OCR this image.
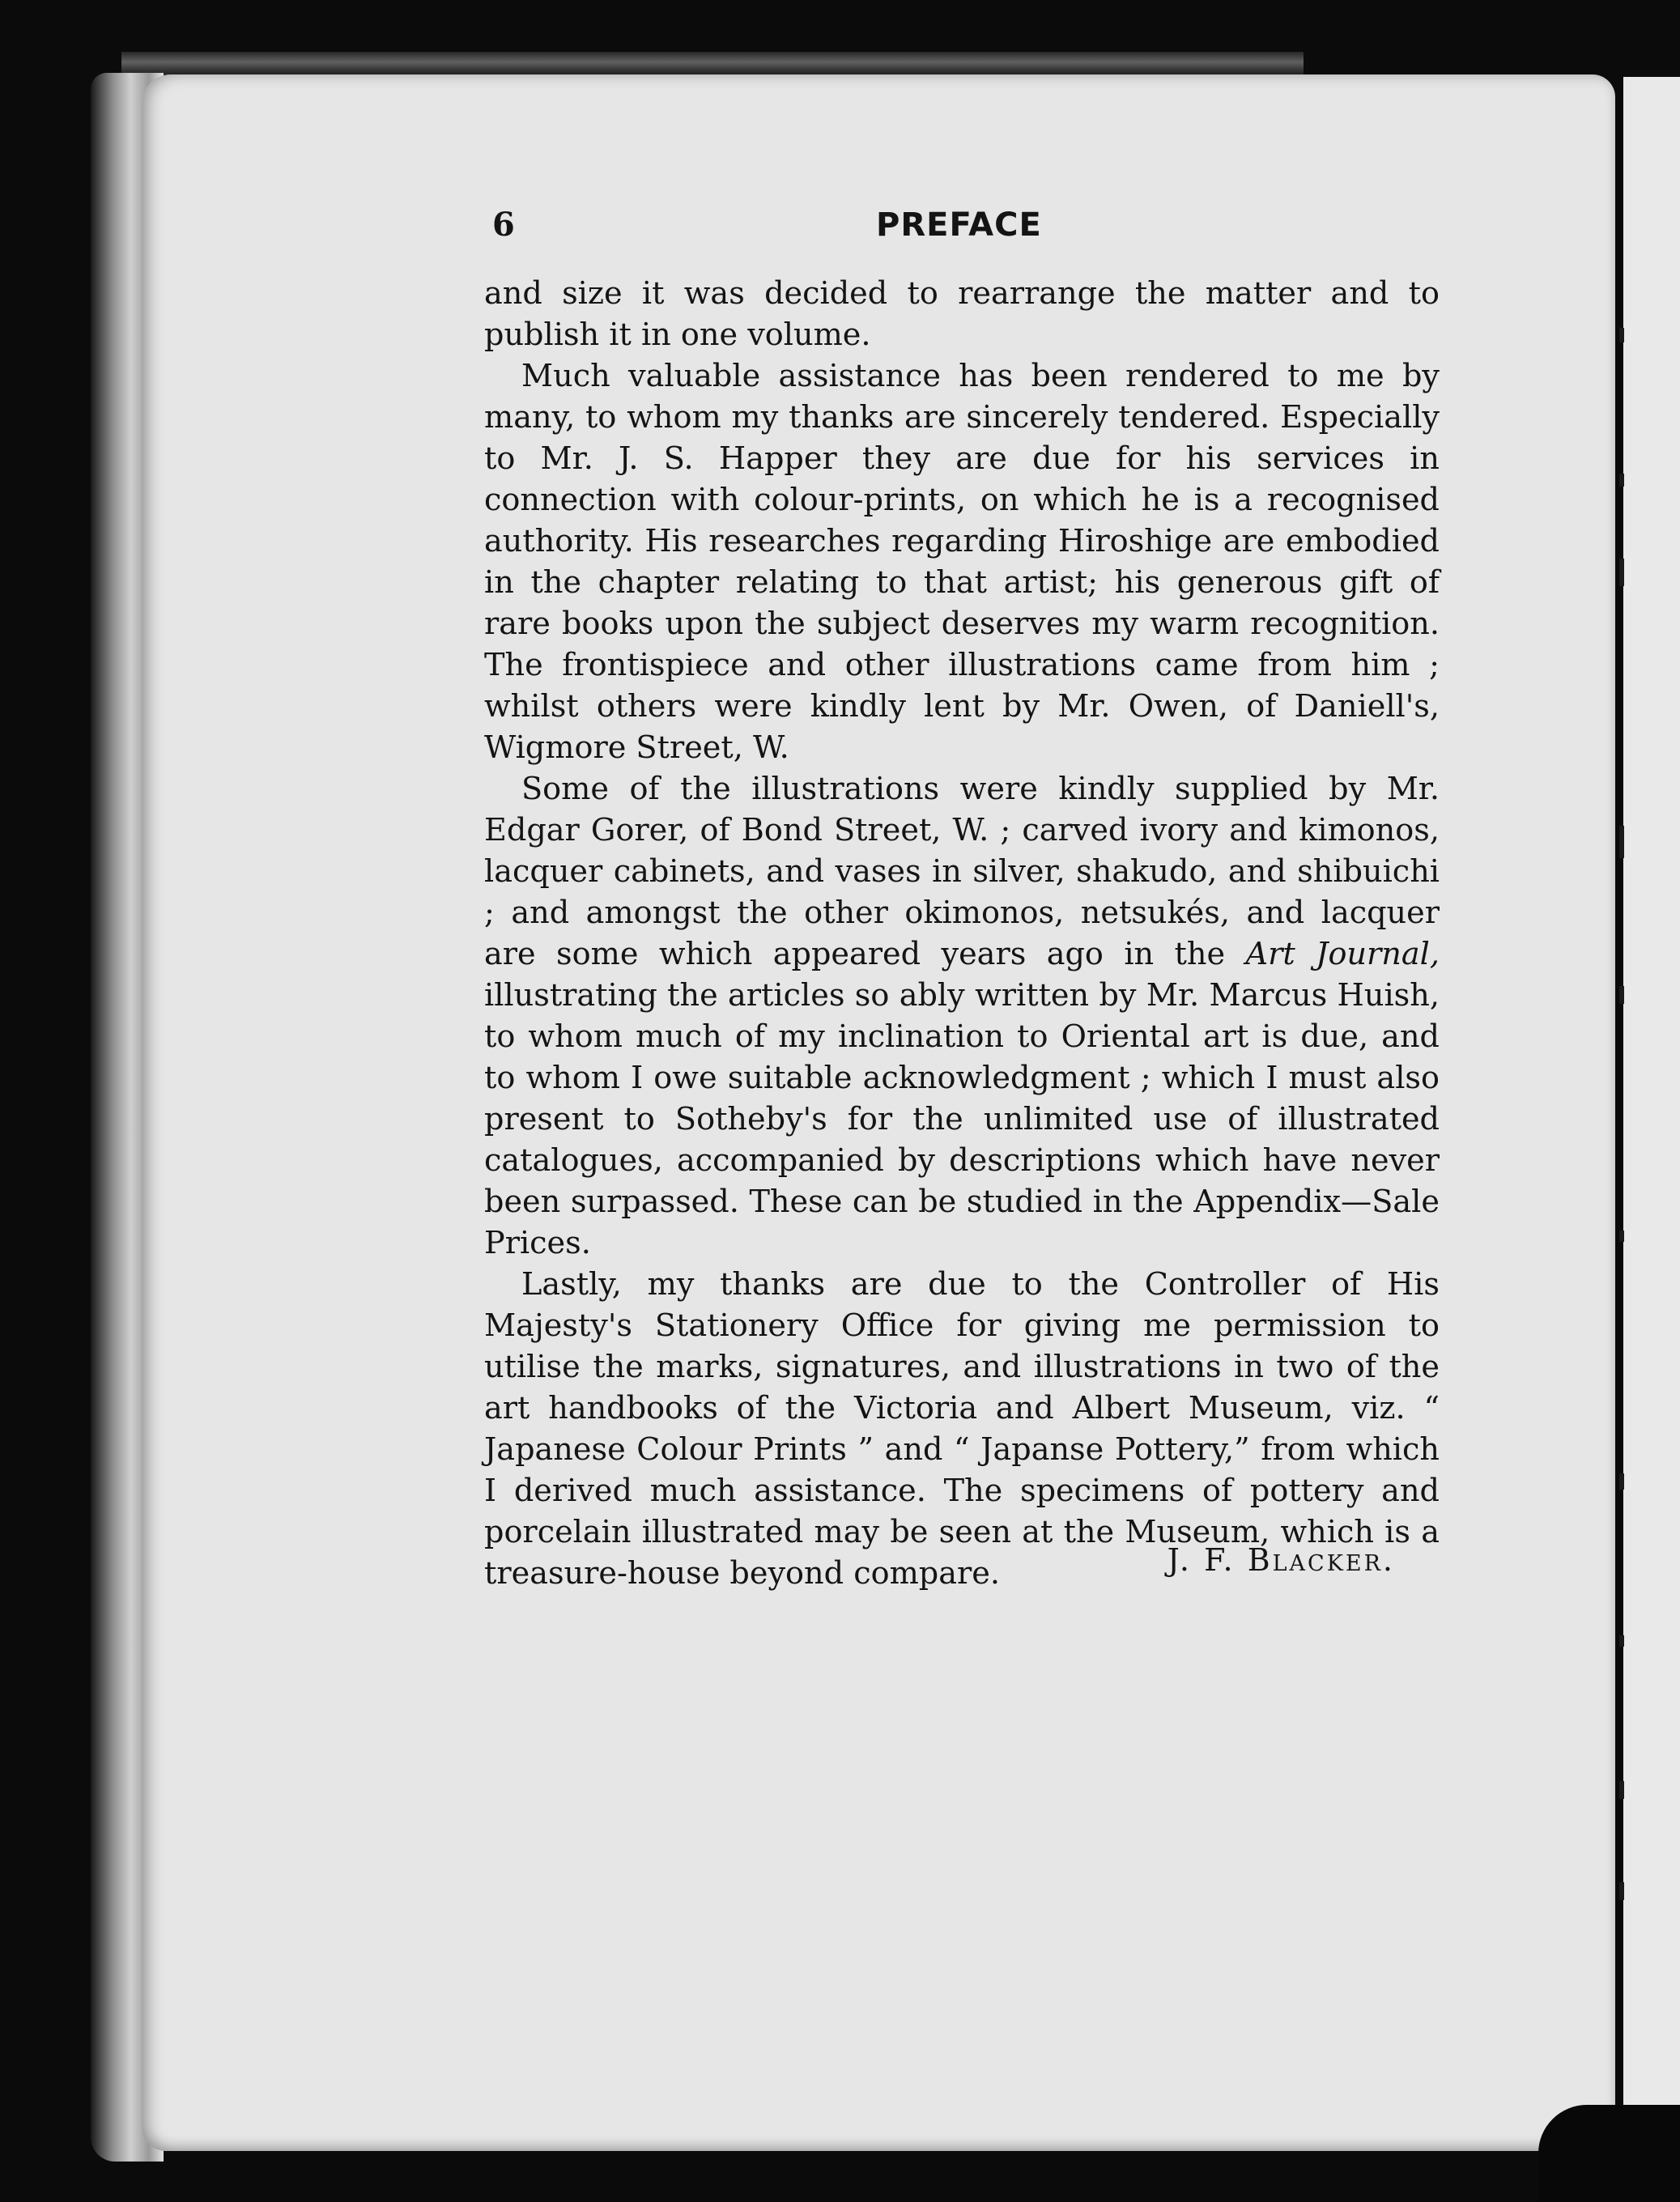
6	PREFACE

and size it was decided to rearrange the matter and to publish it in one volume.

Much valuable assistance has been rendered to me by many, to whom my thanks are sincerely tendered. Especially to Mr. J. S. Happer they are due for his services in connection with colour-prints, on which he is a recognised authority. His researches regarding Hiroshige are embodied in the chapter relating to that artist; his generous gift of rare books upon the subject deserves my warm recognition. The frontispiece and other illustrations came from him ; whilst others were kindly lent by Mr. Owen, of Daniell's, Wigmore Street, W.

Some of the illustrations were kindly supplied by Mr. Edgar Gorer, of Bond Street, W. ; carved ivory and kimonos, lacquer cabinets, and vases in silver, shakudo, and shibuichi ; and amongst the other okimonos, netsukés, and lacquer are some which appeared years ago in the Art Journal, illustrating the articles so ably written by Mr. Marcus Huish, to whom much of my inclination to Oriental art is due, and to whom I owe suitable acknowledgment ; which I must also present to Sotheby's for the unlimited use of illustrated catalogues, accompanied by descriptions which have never been surpassed. These can be studied in the Appendix—Sale Prices.

Lastly, my thanks are due to the Controller of His Majesty's Stationery Office for giving me permission to utilise the marks, signatures, and illustrations in two of the art handbooks of the Victoria and Albert Museum, viz. “ Japanese Colour Prints ” and “ Japanse Pottery,” from which I derived much assistance. The specimens of pottery and porcelain illustrated may be seen at the Museum, which is a treasure-house beyond compare.	J. F. Blacker.
